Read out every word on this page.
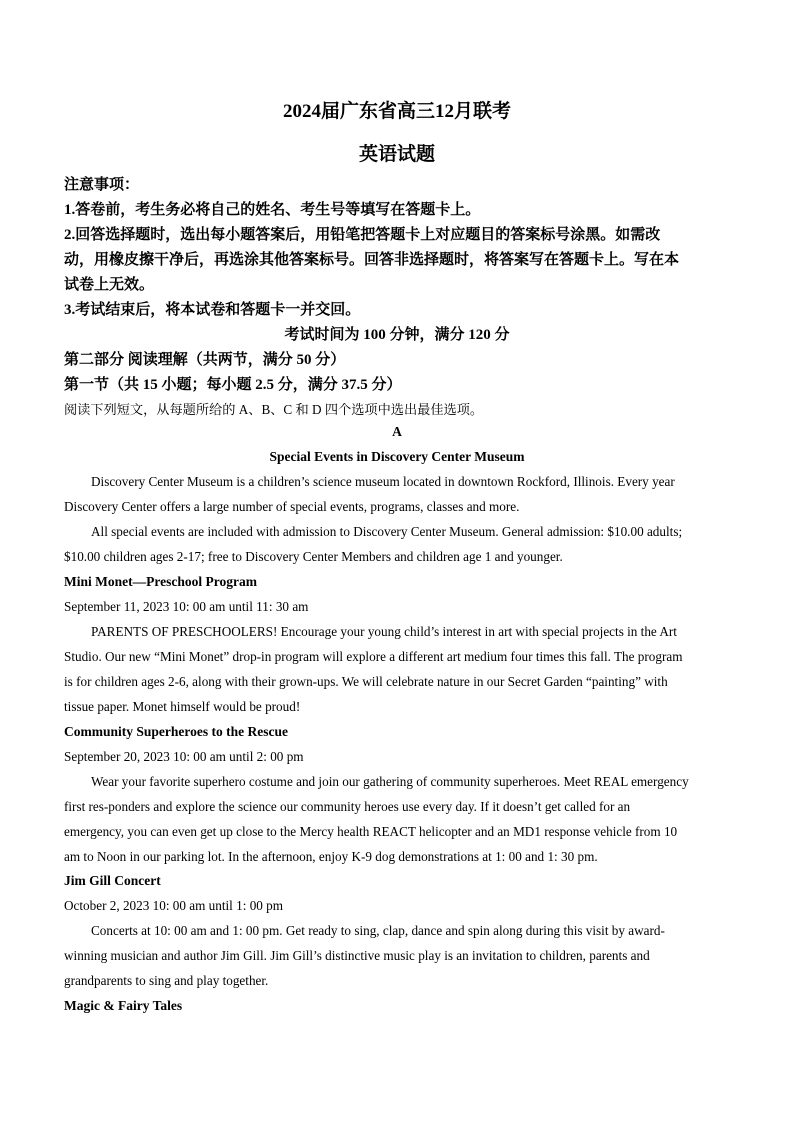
2024届广东省高三12月联考
英语试题
注意事项：
1.答卷前，考生务必将自己的姓名、考生号等填写在答题卡上。
2.回答选择题时，选出每小题答案后，用铅笔把答题卡上对应题目的答案标号涂黑。如需改
动，用橡皮擦干净后，再选涂其他答案标号。回答非选择题时，将答案写在答题卡上。写在本
试卷上无效。
3.考试结束后，将本试卷和答题卡一并交回。
考试时间为 100 分钟，满分 120 分
第二部分 阅读理解（共两节，满分 50 分）
第一节（共 15 小题；每小题 2.5 分，满分 37.5 分）
阅读下列短文，从每题所给的 A、B、C 和 D 四个选项中选出最佳选项。
A
Special Events in Discovery Center Museum
Discovery Center Museum is a children’s science museum located in downtown Rockford, Illinois. Every year
Discovery Center offers a large number of special events, programs, classes and more.
All special events are included with admission to Discovery Center Museum. General admission: $10.00 adults;
$10.00 children ages 2-17; free to Discovery Center Members and children age 1 and younger.
Mini Monet—Preschool Program
September 11, 2023 10: 00 am until 11: 30 am
PARENTS OF PRESCHOOLERS! Encourage your young child’s interest in art with special projects in the Art
Studio. Our new “Mini Monet” drop-in program will explore a different art medium four times this fall. The program
is for children ages 2-6, along with their grown-ups. We will celebrate nature in our Secret Garden “painting” with
tissue paper. Monet himself would be proud!
Community Superheroes to the Rescue
September 20, 2023 10: 00 am until 2: 00 pm
Wear your favorite superhero costume and join our gathering of community superheroes. Meet REAL emergency
first res-ponders and explore the science our community heroes use every day. If it doesn’t get called for an
emergency, you can even get up close to the Mercy health REACT helicopter and an MD1 response vehicle from 10
am to Noon in our parking lot. In the afternoon, enjoy K-9 dog demonstrations at 1: 00 and 1: 30 pm.
Jim Gill Concert
October 2, 2023 10: 00 am until 1: 00 pm
Concerts at 10: 00 am and 1: 00 pm. Get ready to sing, clap, dance and spin along during this visit by award-
winning musician and author Jim Gill. Jim Gill’s distinctive music play is an invitation to children, parents and
grandparents to sing and play together.
Magic & Fairy Tales
